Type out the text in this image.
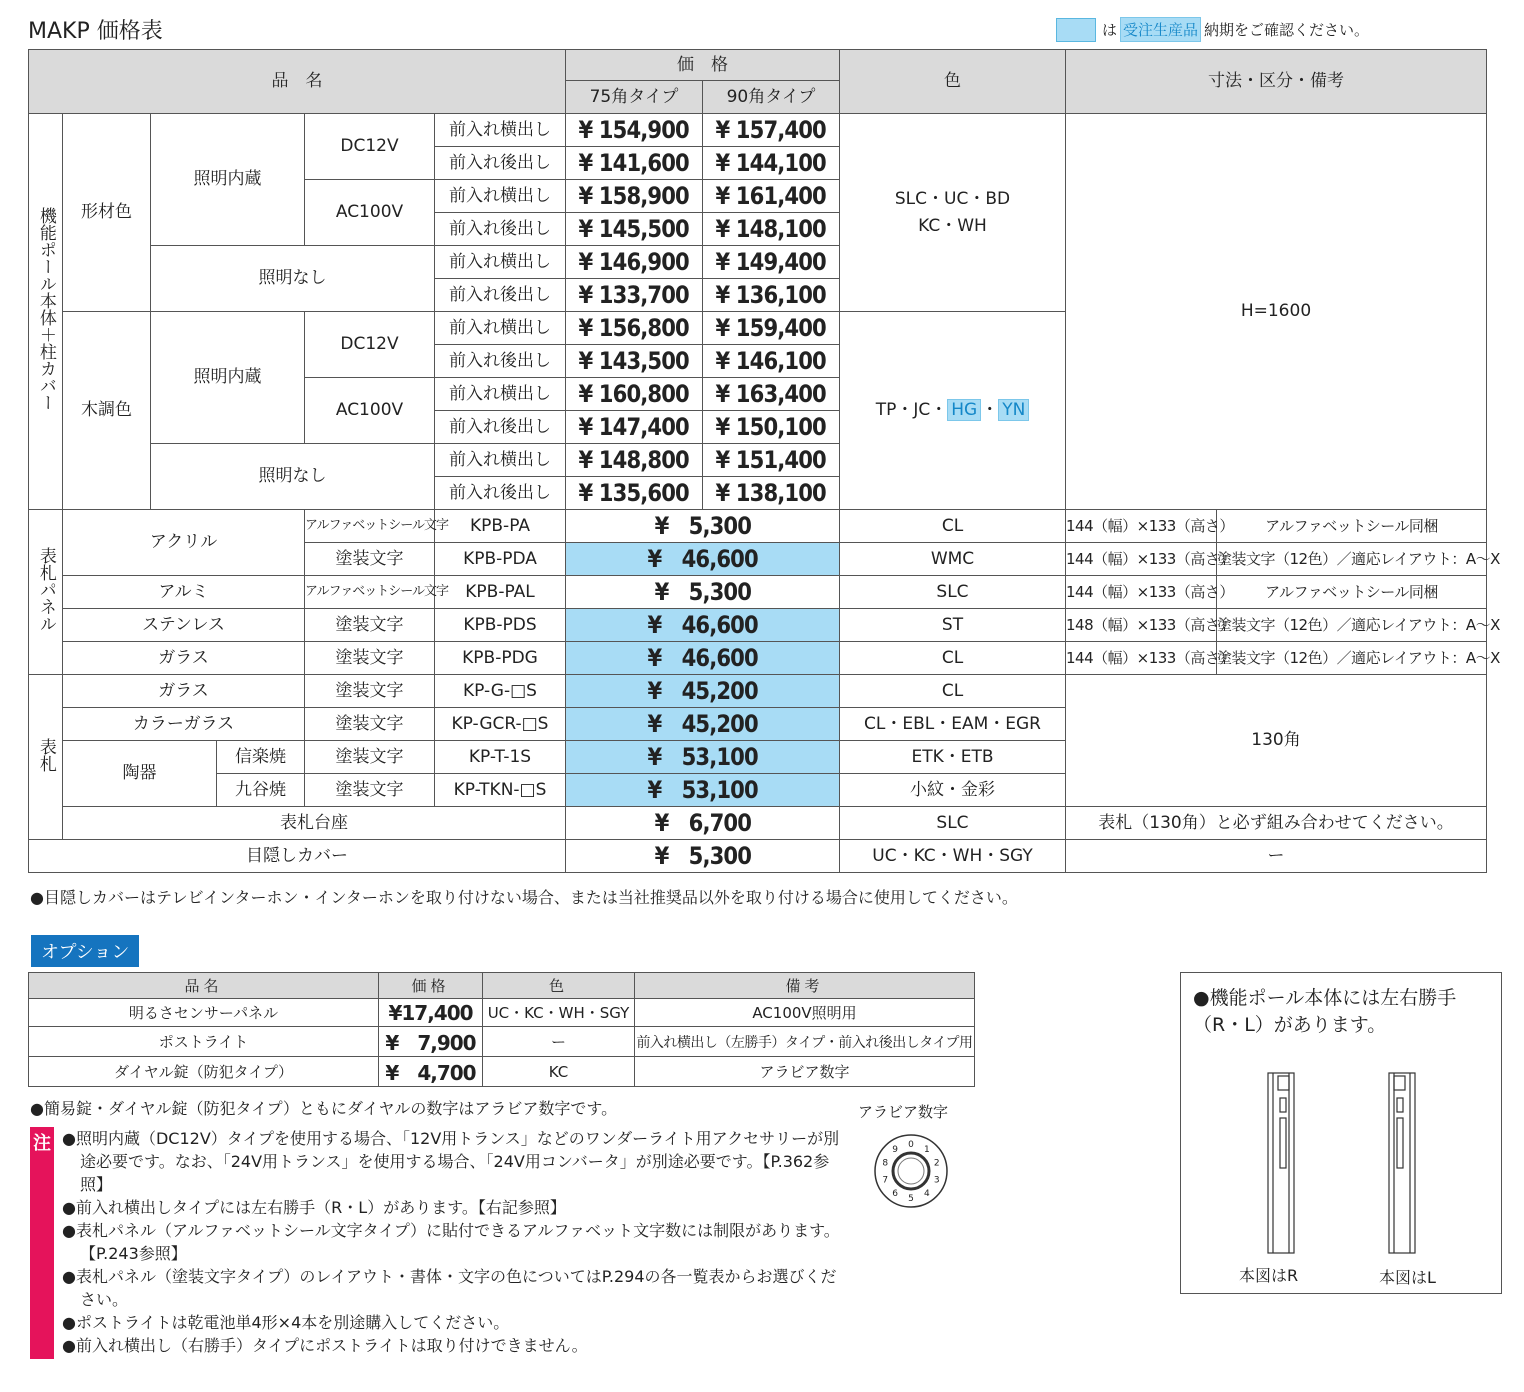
MAKP 価格表	は 受注生産品 納期をご確認ください。
品　名						価　格		色	寸法・区分・備考	
						75角タイプ	90角タイプ			
機能ポール本体＋柱カバー	形材色	照明内蔵		DC12V	前入れ横出し	¥ 154,900	¥ 157,400	SLC・UC・BD
KC・WH	H=1600	
					前入れ後出し	¥ 141,600	¥ 144,100			
				AC100V	前入れ横出し	¥ 158,900	¥ 161,400			
					前入れ後出し	¥ 145,500	¥ 148,100			
		照明なし			前入れ横出し	¥ 146,900	¥ 149,400			
					前入れ後出し	¥ 133,700	¥ 136,100			
	木調色	照明内蔵		DC12V	前入れ横出し	¥ 156,800	¥ 159,400	TP・JC・ HG ・ YN		
					前入れ後出し	¥ 143,500	¥ 146,100			
				AC100V	前入れ横出し	¥ 160,800	¥ 163,400			
					前入れ後出し	¥ 147,400	¥ 150,100			
		照明なし			前入れ横出し	¥ 148,800	¥ 151,400			
					前入れ後出し	¥ 135,600	¥ 138,100			
表札パネル	アクリル			アルファベットシール文字	KPB-PA	¥　5,300		CL	144（幅）×133（高さ）	アルファベットシール同梱
				塗装文字	KPB-PDA	¥　46,600		WMC	144（幅）×133（高さ）	塗装文字（12色）／適応レイアウト：A〜X
	アルミ			アルファベットシール文字	KPB-PAL	¥　5,300		SLC	144（幅）×133（高さ）	アルファベットシール同梱
	ステンレス			塗装文字	KPB-PDS	¥　46,600		ST	148（幅）×133（高さ）	塗装文字（12色）／適応レイアウト：A〜X
	ガラス			塗装文字	KPB-PDG	¥　46,600		CL	144（幅）×133（高さ）	塗装文字（12色）／適応レイアウト：A〜X
表札	ガラス			塗装文字	KP-G-□S	¥　45,200		CL	130角	
	カラーガラス			塗装文字	KP-GCR-□S	¥　45,200		CL・EBL・EAM・EGR		
	陶器		信楽焼	塗装文字	KP-T-1S	¥　53,100		ETK・ETB		
			九谷焼	塗装文字	KP-TKN-□S	¥　53,100		小紋・金彩		
	表札台座					¥　6,700		SLC	表札（130角）と必ず組み合わせてください。	
目隠しカバー						¥　5,300		UC・KC・WH・SGY	ー	
●目隠しカバーはテレビインターホン・インターホンを取り付けない場合、または当社推奨品以外を取り付ける場合に使用してください。
オプション
品名	価格	色	備考
明るさセンサーパネル	¥17,400	UC・KC・WH・SGY	AC100V照明用
ポストライト	¥　7,900	ー	前入れ横出し（左勝手）タイプ・前入れ後出しタイプ用
ダイヤル錠（防犯タイプ）	¥　4,700	KC	アラビア数字
●簡易錠・ダイヤル錠（防犯タイプ）ともにダイヤルの数字はアラビア数字です。
注 ●照明内蔵（DC12V）タイプを使用する場合、「12V用トランス」などのワンダーライト用アクセサリーが別途必要です。なお、「24V用トランス」を使用する場合、「24V用コンバータ」が別途必要です。【P.362参照】
●前入れ横出しタイプには左右勝手（R・L）があります。【右記参照】
●表札パネル（アルファベットシール文字タイプ）に貼付できるアルファベット文字数には制限があります。【P.243参照】
●表札パネル（塗装文字タイプ）のレイアウト・書体・文字の色についてはP.294の各一覧表からお選びください。
●ポストライトは乾電池単4形×4本を別途購入してください。
●前入れ横出し（右勝手）タイプにポストライトは取り付けできません。
アラビア数字
0
1
2
3
4
5
6
7
8
9
●機能ポール本体には左右勝手（R・L）があります。
本図はR	本図はL
